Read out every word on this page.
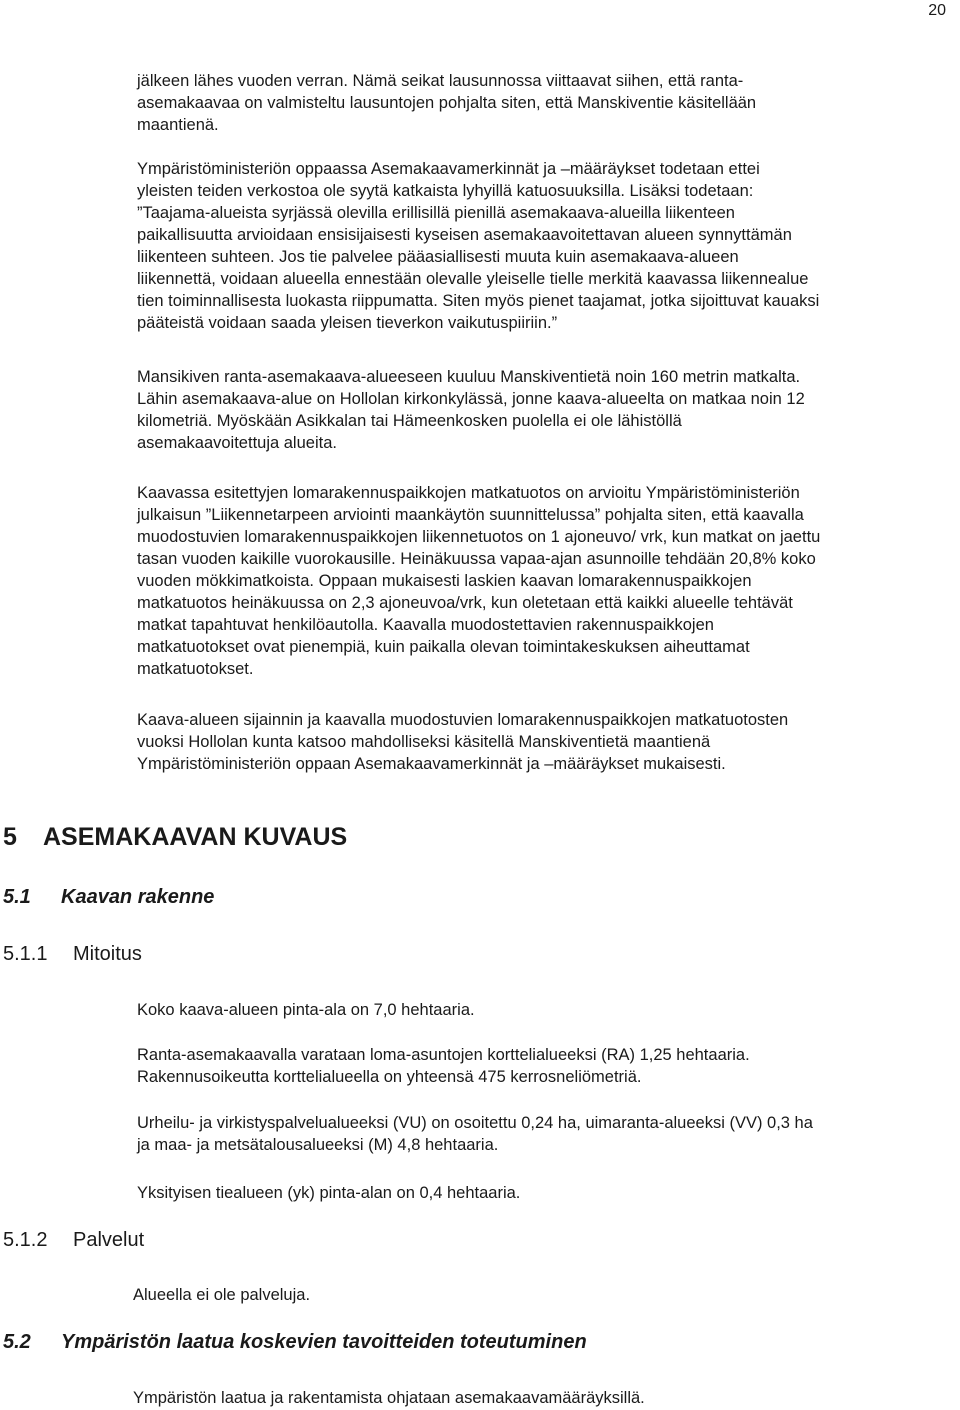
20

jälkeen lähes vuoden verran. Nämä seikat lausunnossa viittaavat siihen, että ranta-
asemakaavaa on valmisteltu lausuntojen pohjalta siten, että Manskiventie käsitellään
maantienä.

Ympäristöministeriön oppaassa Asemakaavamerkinnät ja –määräykset todetaan ettei
yleisten teiden verkostoa ole syytä katkaista lyhyillä katuosuuksilla. Lisäksi todetaan:
”Taajama-alueista syrjässä olevilla erillisillä pienillä asemakaava-alueilla liikenteen
paikallisuutta arvioidaan ensisijaisesti kyseisen asemakaavoitettavan alueen synnyttämän
liikenteen suhteen. Jos tie palvelee pääasiallisesti muuta kuin asemakaava-alueen
liikennettä, voidaan alueella ennestään olevalle yleiselle tielle merkitä kaavassa liikennealue
tien toiminnallisesta luokasta riippumatta. Siten myös pienet taajamat, jotka sijoittuvat kauaksi
pääteistä voidaan saada yleisen tieverkon vaikutuspiiriin.”

Mansikiven ranta-asemakaava-alueeseen kuuluu Manskiventietä noin 160 metrin matkalta.
Lähin asemakaava-alue on Hollolan kirkonkylässä, jonne kaava-alueelta on matkaa noin 12
kilometriä. Myöskään Asikkalan tai Hämeenkosken puolella ei ole lähistöllä
asemakaavoitettuja alueita.

Kaavassa esitettyjen lomarakennuspaikkojen matkatuotos on arvioitu Ympäristöministeriön
julkaisun ”Liikennetarpeen arviointi maankäytön suunnittelussa” pohjalta siten, että kaavalla
muodostuvien lomarakennuspaikkojen liikennetuotos on 1 ajoneuvo/ vrk, kun matkat on jaettu
tasan vuoden kaikille vuorokausille. Heinäkuussa vapaa-ajan asunnoille tehdään 20,8% koko
vuoden mökkimatkoista. Oppaan mukaisesti laskien kaavan lomarakennuspaikkojen
matkatuotos heinäkuussa on 2,3 ajoneuvoa/vrk, kun oletetaan että kaikki alueelle tehtävät
matkat tapahtuvat henkilöautolla. Kaavalla muodostettavien rakennuspaikkojen
matkatuotokset ovat pienempiä, kuin paikalla olevan toimintakeskuksen aiheuttamat
matkatuotokset.

Kaava-alueen sijainnin ja kaavalla muodostuvien lomarakennuspaikkojen matkatuotosten
vuoksi Hollolan kunta katsoo mahdolliseksi käsitellä Manskiventietä maantienä
Ympäristöministeriön oppaan Asemakaavamerkinnät ja –määräykset mukaisesti.

5 ASEMAKAAVAN KUVAUS
5.1 Kaavan rakenne
5.1.1 Mitoitus

Koko kaava-alueen pinta-ala on 7,0 hehtaaria.

Ranta-asemakaavalla varataan loma-asuntojen korttelialueeksi (RA) 1,25 hehtaaria.
Rakennusoikeutta korttelialueella on yhteensä 475 kerrosneliömetriä.

Urheilu- ja virkistyspalvelualueeksi (VU) on osoitettu 0,24 ha, uimaranta-alueeksi (VV) 0,3 ha
ja maa- ja metsätalousalueeksi (M) 4,8 hehtaaria.

Yksityisen tiealueen (yk) pinta-alan on 0,4 hehtaaria.

5.1.2 Palvelut

Alueella ei ole palveluja.

5.2 Ympäristön laatua koskevien tavoitteiden toteutuminen

Ympäristön laatua ja rakentamista ohjataan asemakaavamääräyksillä.
